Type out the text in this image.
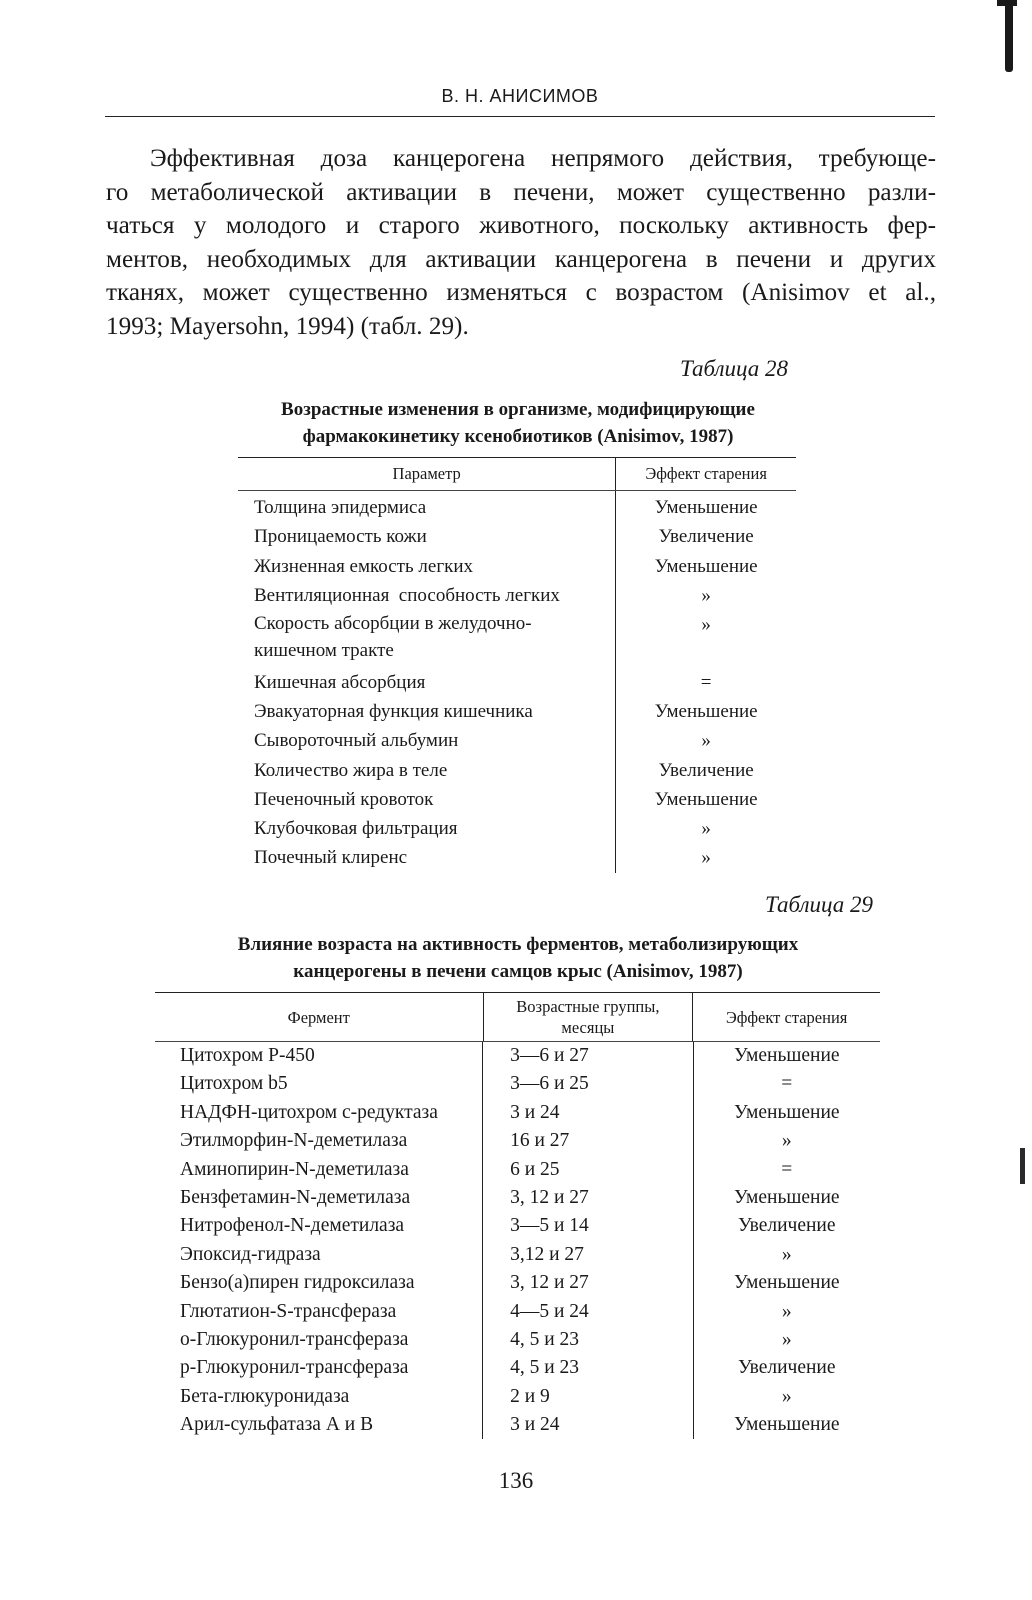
В. Н. АНИСИМОВ

Эффективная доза канцерогена непрямого действия, требующе-
го метаболической активации в печени, может существенно разли-
чаться у молодого и старого животного, поскольку активность фер-
ментов, необходимых для активации канцерогена в печени и других
тканях, может существенно изменяться с возрастом (Anisimov et al.,
1993; Mayersohn, 1994) (табл. 29).

Таблица 28

Возрастные изменения в организме, модифицирующие
фармакокинетику ксенобиотиков (Anisimov, 1987)

Параметр	Эффект старения
Толщина эпидермиса
Проницаемость кожи
Жизненная емкость легких
Вентиляционная  способность легких
Скорость абсорбции в желудочно-кишечном тракте
Кишечная абсорбция
Эвакуаторная функция кишечника
Сывороточный альбумин
Количество жира в теле
Печеночный кровоток
Клубочковая фильтрация
Почечный клиренс
Уменьшение
Увеличение
Уменьшение
»
»
=
Уменьшение
»
Увеличение
Уменьшение
»
»
Таблица 29

Влияние возраста на активность ферментов, метаболизирующих
канцерогены в печени самцов крыс (Anisimov, 1987)

Фермент
Возрастные группы, месяцы
Эффект старения
Цитохром Р-450
Цитохром b5
НАДФН-цитохром с-редуктаза
Этилморфин-N-деметилаза
Аминопирин-N-деметилаза
Бензфетамин-N-деметилаза
Нитрофенол-N-деметилаза
Эпоксид-гидраза
Бензо(а)пирен гидроксилаза
Глютатион-S-трансфераза
о-Глюкуронил-трансфераза
р-Глюкуронил-трансфераза
Бета-глюкуронидаза
Арил-сульфатаза А и В
3—6 и 27
3—6 и 25
3 и 24
16 и 27
6 и 25
3, 12 и 27
3—5 и 14
3,12 и 27
3, 12 и 27
4—5 и 24
4, 5 и 23
4, 5 и 23
2 и 9
3 и 24
Уменьшение
=
Уменьшение
»
=
Уменьшение
Увеличение
»
Уменьшение
»
»
Увеличение
»
Уменьшение
136
